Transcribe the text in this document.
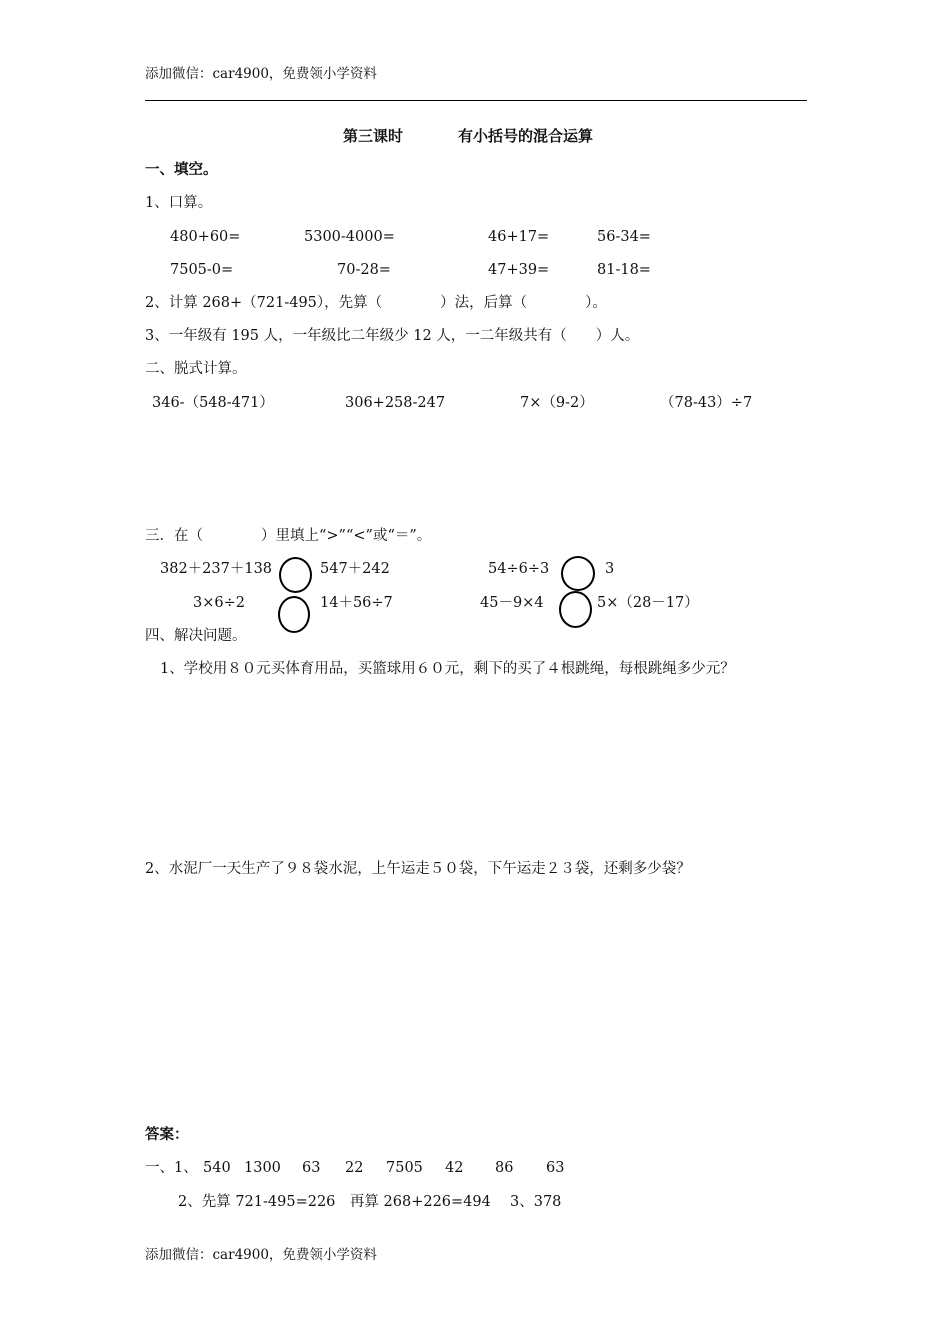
添加微信：car4900，免费领小学资料
第三课时	有小括号的混合运算
一、填空。
1、口算。
480+60=	5300-4000=	46+17=	56-34=
7505-0=	70-28=	47+39=	81-18=
2、计算 268+（721-495），先算（　　　　）法，后算（　　　　）。
3、一年级有 195 人，一年级比二年级少 12 人，一二年级共有（　　）人。
二、脱式计算。
346-（548-471）	306+258-247	7×（9-2）	（78-43）÷7
三．在（　　　　）里填上“>”“<”或“＝”。
382＋237＋138	547＋242	54÷6÷3	3
3×6÷2	14＋56÷7	45－9×4	5×（28－17）
四、解决问题。
1、学校用８０元买体育用品，买篮球用６０元，剩下的买了４根跳绳，每根跳绳多少元？
2、水泥厂一天生产了９８袋水泥，上午运走５０袋，下午运走２３袋，还剩多少袋？
答案：
一、1、 540 1300 63 22 7505 42 86 63
2、先算 721-495=226　再算 268+226=494 3、378
添加微信：car4900，免费领小学资料
